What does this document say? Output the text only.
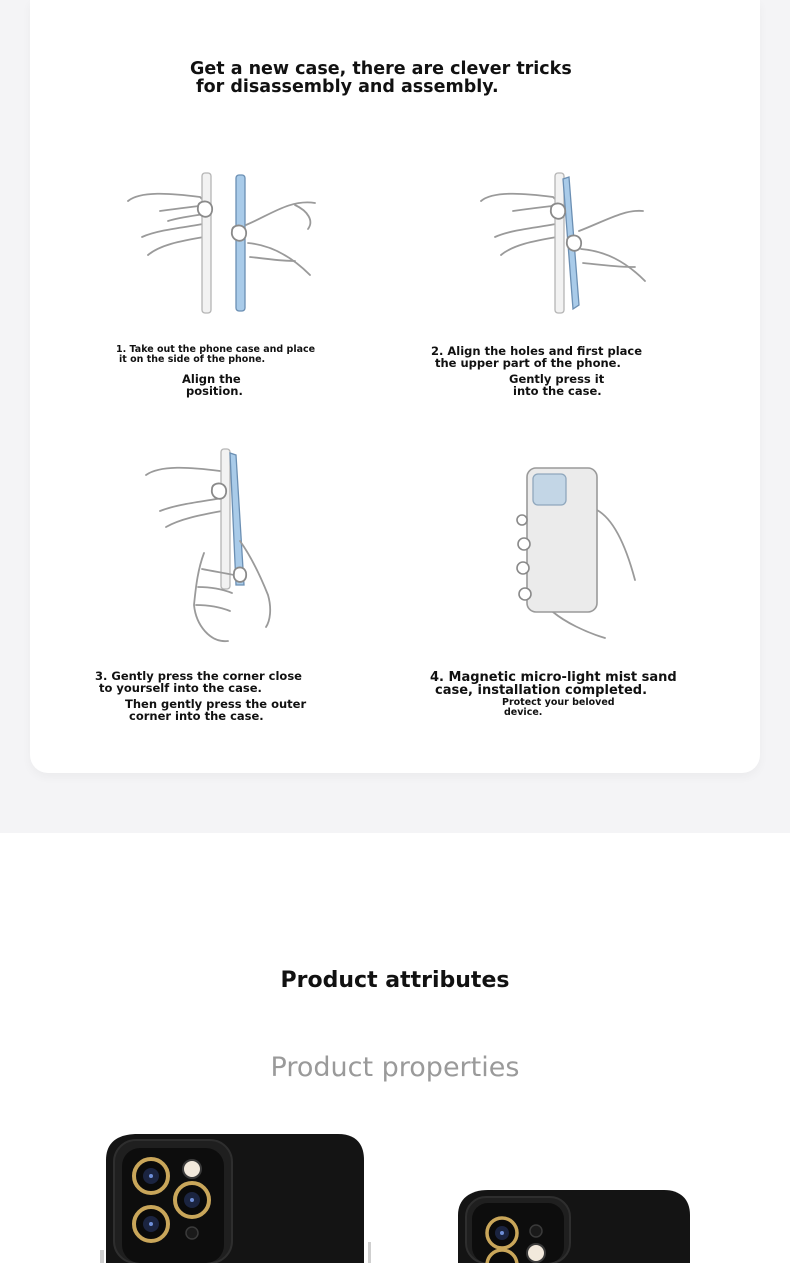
Get a new case, there are clever tricks
for disassembly and assembly.

1. Take out the phone case and place
it on the side of the phone.

Align the
position.

2. Align the holes and first place
the upper part of the phone.

Gently press it
into the case.

3. Gently press the corner close
to yourself into the case.

Then gently press the outer
corner into the case.

4. Magnetic micro-light mist sand
case, installation completed.

Protect your beloved
device.

Product attributes
Product properties
